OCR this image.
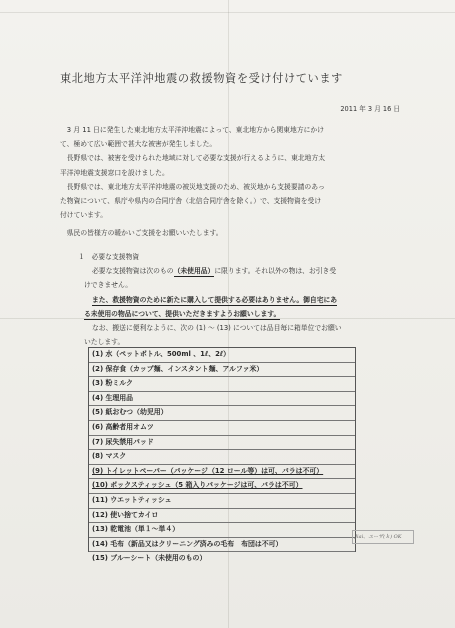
東北地方太平洋沖地震の救援物資を受け付けています
2011 年 3 月 16 日
　3 月 11 日に発生した東北地方太平洋沖地震によって、東北地方から関東地方にかけ
て、極めて広い範囲で甚大な被害が発生しました。
　長野県では、被害を受けられた地域に対して必要な支援が行えるように、東北地方太
平洋沖地震支援窓口を設けました。
　長野県では、東北地方太平洋沖地震の被災地支援のため、被災地から支援要請のあっ
た物資について、県庁や県内の合同庁舎（北信合同庁舎を除く。）で、支援物資を受け
付けています。
　県民の皆様方の暖かいご支援をお願いいたします。
１　必要な支援物資
必要な支援物資は次のもの（未使用品）に限ります。それ以外の物は、お引き受
けできません。
また、救援物資のために新たに購入して提供する必要はありません。御自宅にあ
る未使用の物品について、提供いただきますようお願いします。
なお、搬送に便利なように、次の (1) ～ (13) については品目毎に箱単位でお願い
いたします。
(1) 水（ペットボトル、500ml 、1ℓ、2ℓ）
(2) 保存食（カップ麺、インスタント麺、アルファ米）
(3) 粉ミルク
(4) 生理用品
(5) 紙おむつ（幼児用）
(6) 高齢者用オムツ
(7) 尿失禁用パッド
(8) マスク
(9) トイレットペーパー（パッケージ（12 ロール等）は可、バラは不可）
(10) ボックスティッシュ（5 箱入りパッケージは可、バラは不可）
(11) ウエットティッシュ
(12) 使い捨てカイロ
(13) 乾電池（単１～単４）
(14) 毛布（新品又はクリーニング済みの毛布　布団は不可）
(15) ブルーシート（未使用のもの）
Jiai、ユーザ(ｋ) OK
